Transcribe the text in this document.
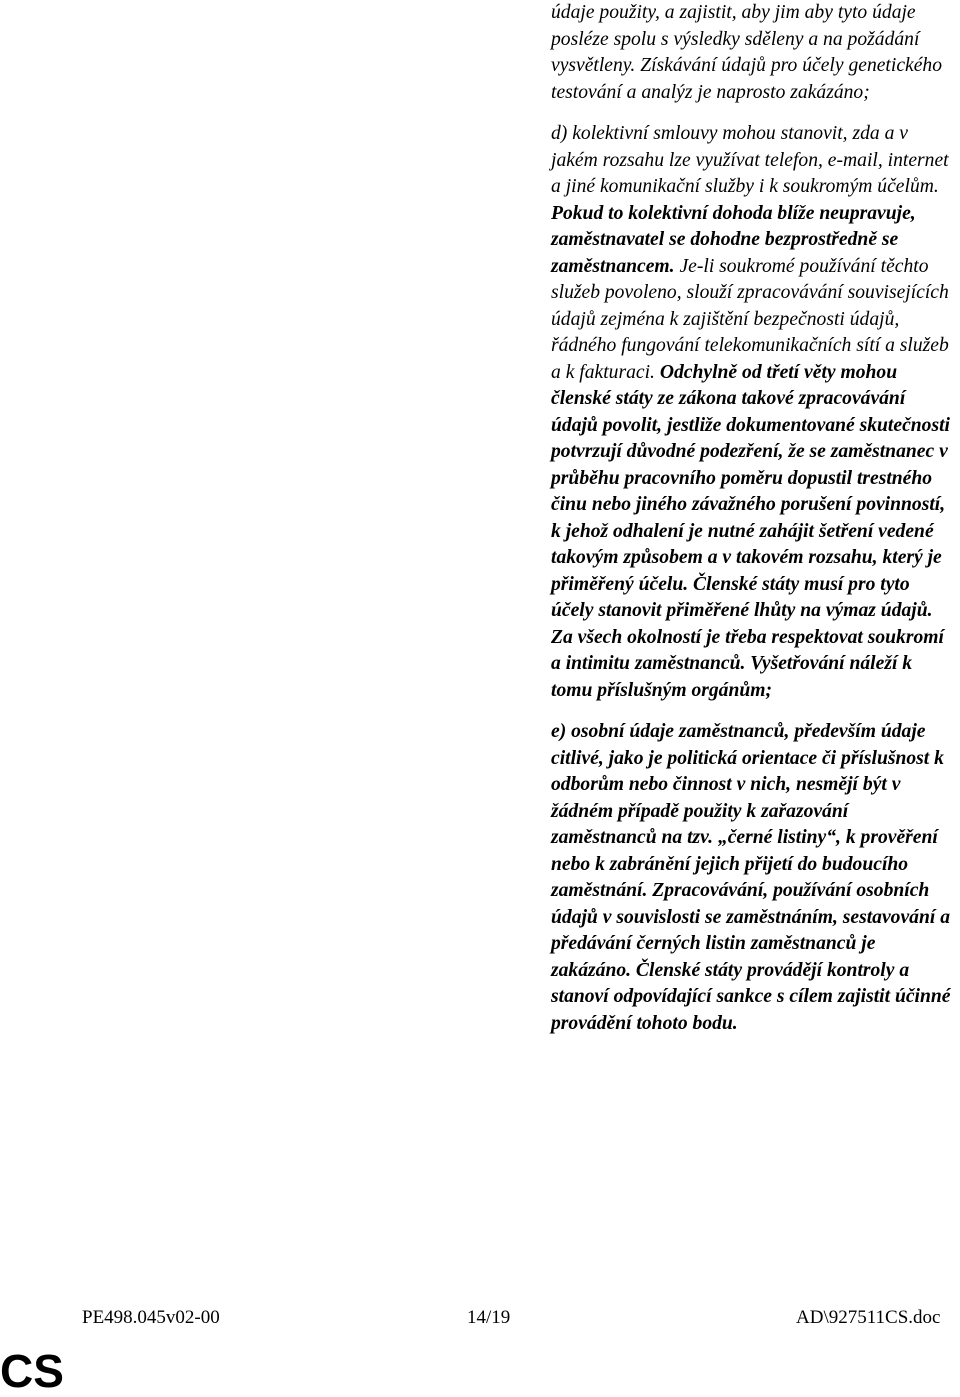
údaje použity, a zajistit, aby jim aby tyto údaje posléze spolu s výsledky sděleny a na požádání vysvětleny. Získávání údajů pro účely genetického testování a analýz je naprosto zakázáno;

d) kolektivní smlouvy mohou stanovit, zda a v jakém rozsahu lze využívat telefon, e-mail, internet a jiné komunikační služby i k soukromým účelům. Pokud to kolektivní dohoda blíže neupravuje, zaměstnavatel se dohodne bezprostředně se zaměstnancem. Je-li soukromé používání těchto služeb povoleno, slouží zpracovávání souvisejících údajů zejména k zajištění bezpečnosti údajů, řádného fungování telekomunikačních sítí a služeb a k fakturaci. Odchylně od třetí věty mohou členské státy ze zákona takové zpracovávání údajů povolit, jestliže dokumentované skutečnosti potvrzují důvodné podezření, že se zaměstnanec v průběhu pracovního poměru dopustil trestného činu nebo jiného závažného porušení povinností, k jehož odhalení je nutné zahájit šetření vedené takovým způsobem a v takovém rozsahu, který je přiměřený účelu. Členské státy musí pro tyto účely stanovit přiměřené lhůty na výmaz údajů. Za všech okolností je třeba respektovat soukromí a intimitu zaměstnanců. Vyšetřování náleží k tomu příslušným orgánům;

e) osobní údaje zaměstnanců, především údaje citlivé, jako je politická orientace či příslušnost k odborům nebo činnost v nich, nesmějí být v žádném případě použity k zařazování zaměstnanců na tzv. „černé listiny“, k prověření nebo k zabránění jejich přijetí do budoucího zaměstnání. Zpracovávání, používání osobních údajů v souvislosti se zaměstnáním, sestavování a předávání černých listin zaměstnanců je zakázáno. Členské státy provádějí kontroly a stanoví odpovídající sankce s cílem zajistit účinné provádění tohoto bodu.

PE498.045v02-00	14/19	AD\927511CS.doc
CS
